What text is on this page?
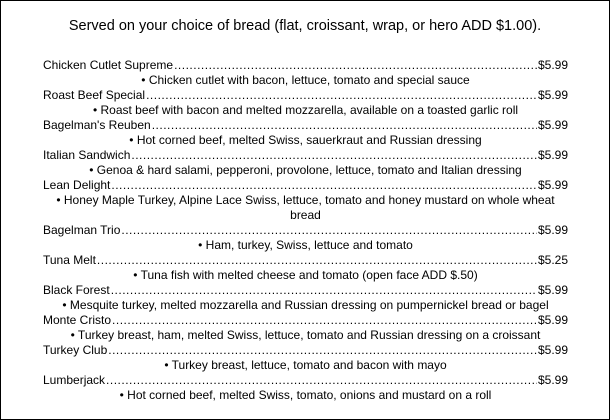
Served on your choice of bread (flat, croissant, wrap, or hero ADD $1.00).
Chicken Cutlet Supreme .....	$5.99
• Chicken cutlet with bacon, lettuce, tomato and special sauce
Roast Beef Special .....	$5.99
• Roast beef with bacon and melted mozzarella, available on a toasted garlic roll
Bagelman's Reuben .....	$5.99
• Hot corned beef, melted Swiss, sauerkraut and Russian dressing
Italian Sandwich .....	$5.99
• Genoa & hard salami, pepperoni, provolone, lettuce, tomato and Italian dressing
Lean Delight .....	$5.99
• Honey Maple Turkey, Alpine Lace Swiss, lettuce, tomato and honey mustard on whole wheat bread
Bagelman Trio .....	$5.99
• Ham, turkey, Swiss, lettuce and tomato
Tuna Melt .....	$5.25
• Tuna fish with melted cheese and tomato (open face ADD $.50)
Black Forest .....	$5.99
• Mesquite turkey, melted mozzarella and Russian dressing on pumpernickel bread or bagel
Monte Cristo .....	$5.99
• Turkey breast, ham, melted Swiss, lettuce, tomato and Russian dressing on a croissant
Turkey Club .....	$5.99
• Turkey breast, lettuce, tomato and bacon with mayo
Lumberjack .....	$5.99
• Hot corned beef, melted Swiss, tomato, onions and mustard on a roll
